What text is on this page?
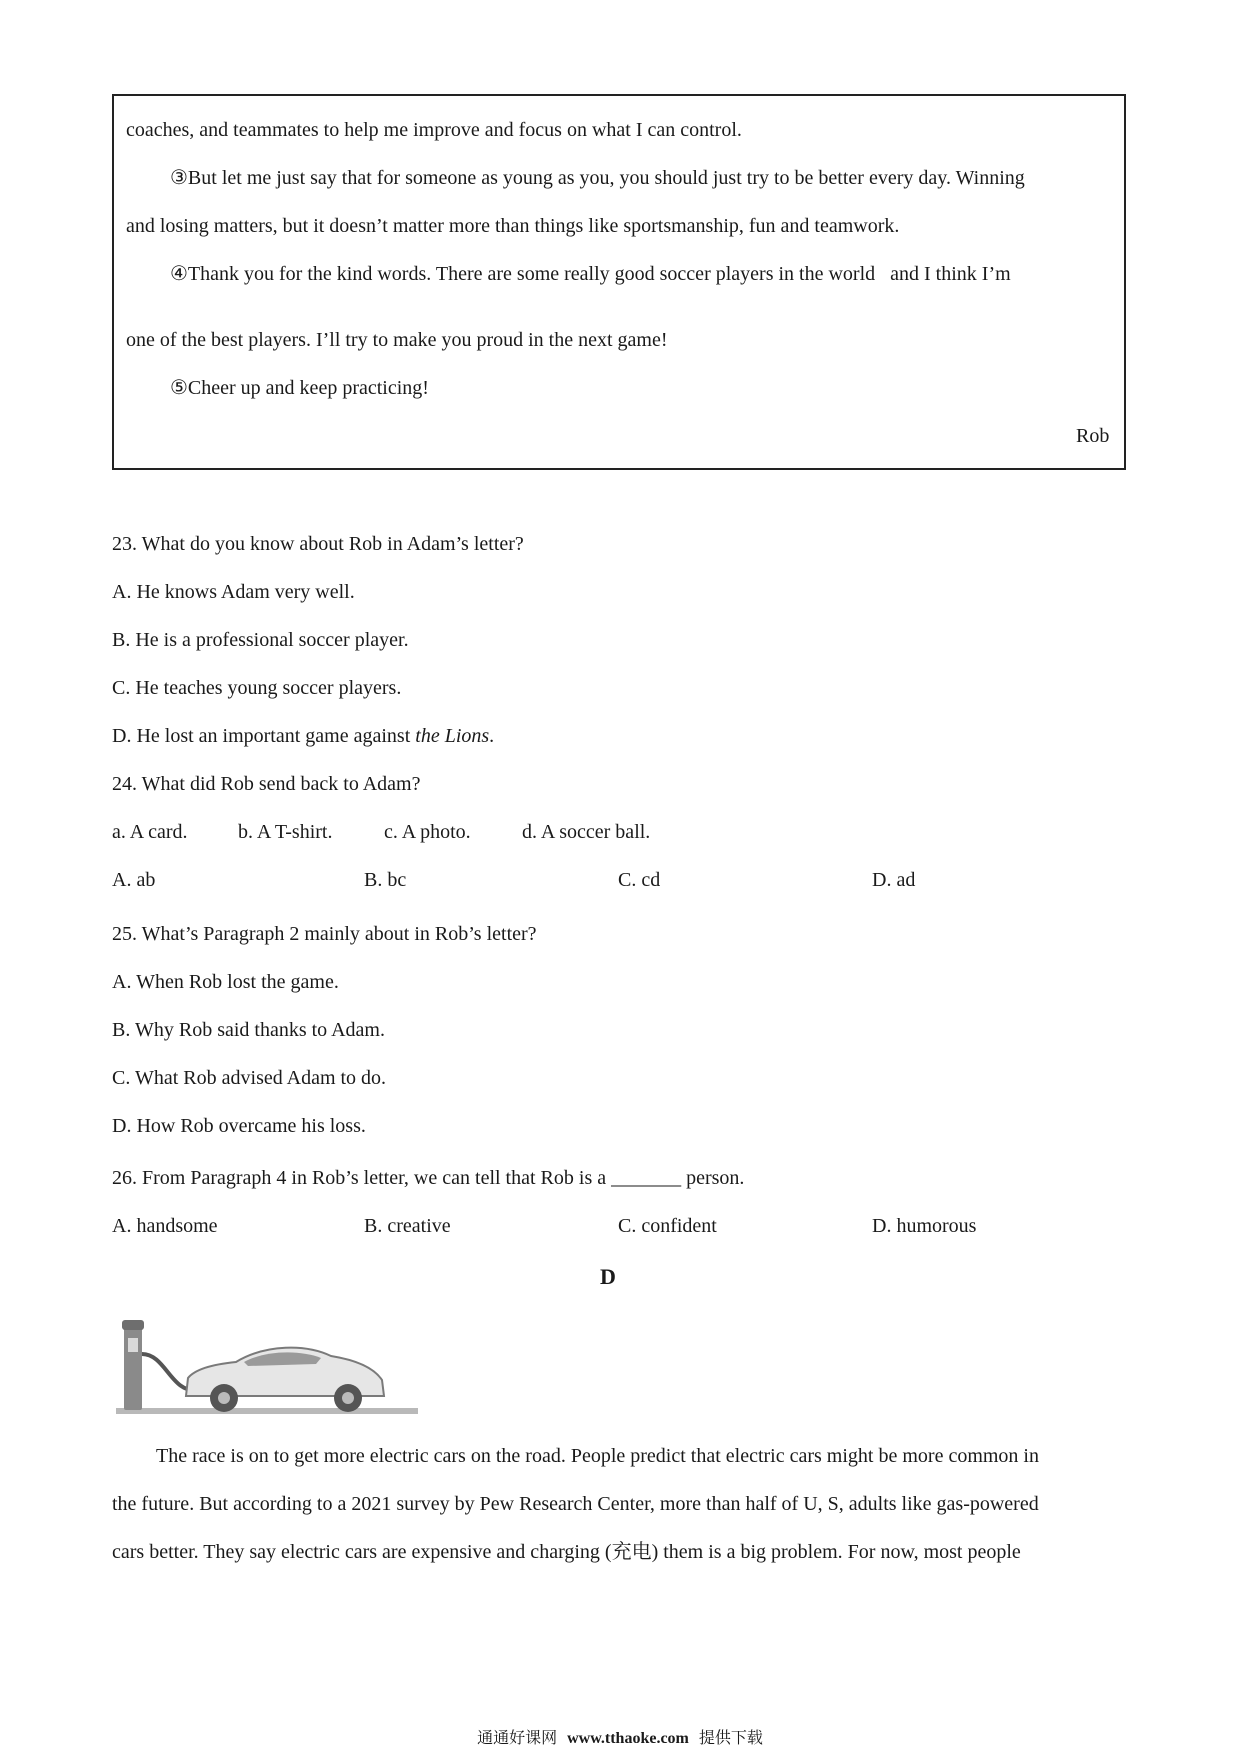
coaches, and teammates to help me improve and focus on what I can control.
③But let me just say that for someone as young as you, you should just try to be better every day. Winning
and losing matters, but it doesn’t matter more than things like sportsmanship, fun and teamwork.
④Thank you for the kind words. There are some really good soccer players in the world   and I think I’m
one of the best players. I’ll try to make you proud in the next game!
⑤Cheer up and keep practicing!
Rob
23. What do you know about Rob in Adam’s letter?
A. He knows Adam very well.
B. He is a professional soccer player.
C. He teaches young soccer players.
D. He lost an important game against the Lions.
24. What did Rob send back to Adam?
a. A card.	b. A T-shirt.	c. A photo.	d. A soccer ball.
A. ab	B. bc	C. cd	D. ad
25. What’s Paragraph 2 mainly about in Rob’s letter?
A. When Rob lost the game.
B. Why Rob said thanks to Adam.
C. What Rob advised Adam to do.
D. How Rob overcame his loss.
26. From Paragraph 4 in Rob’s letter, we can tell that Rob is a _______ person.
A. handsome	B. creative	C. confident	D. humorous
D
The race is on to get more electric cars on the road. People predict that electric cars might be more common in
the future. But according to a 2021 survey by Pew Research Center, more than half of U, S, adults like gas-powered
cars better. They say electric cars are expensive and charging (充电) them is a big problem. For now, most people
通通好课网 www.tthaoke.com 提供下载
